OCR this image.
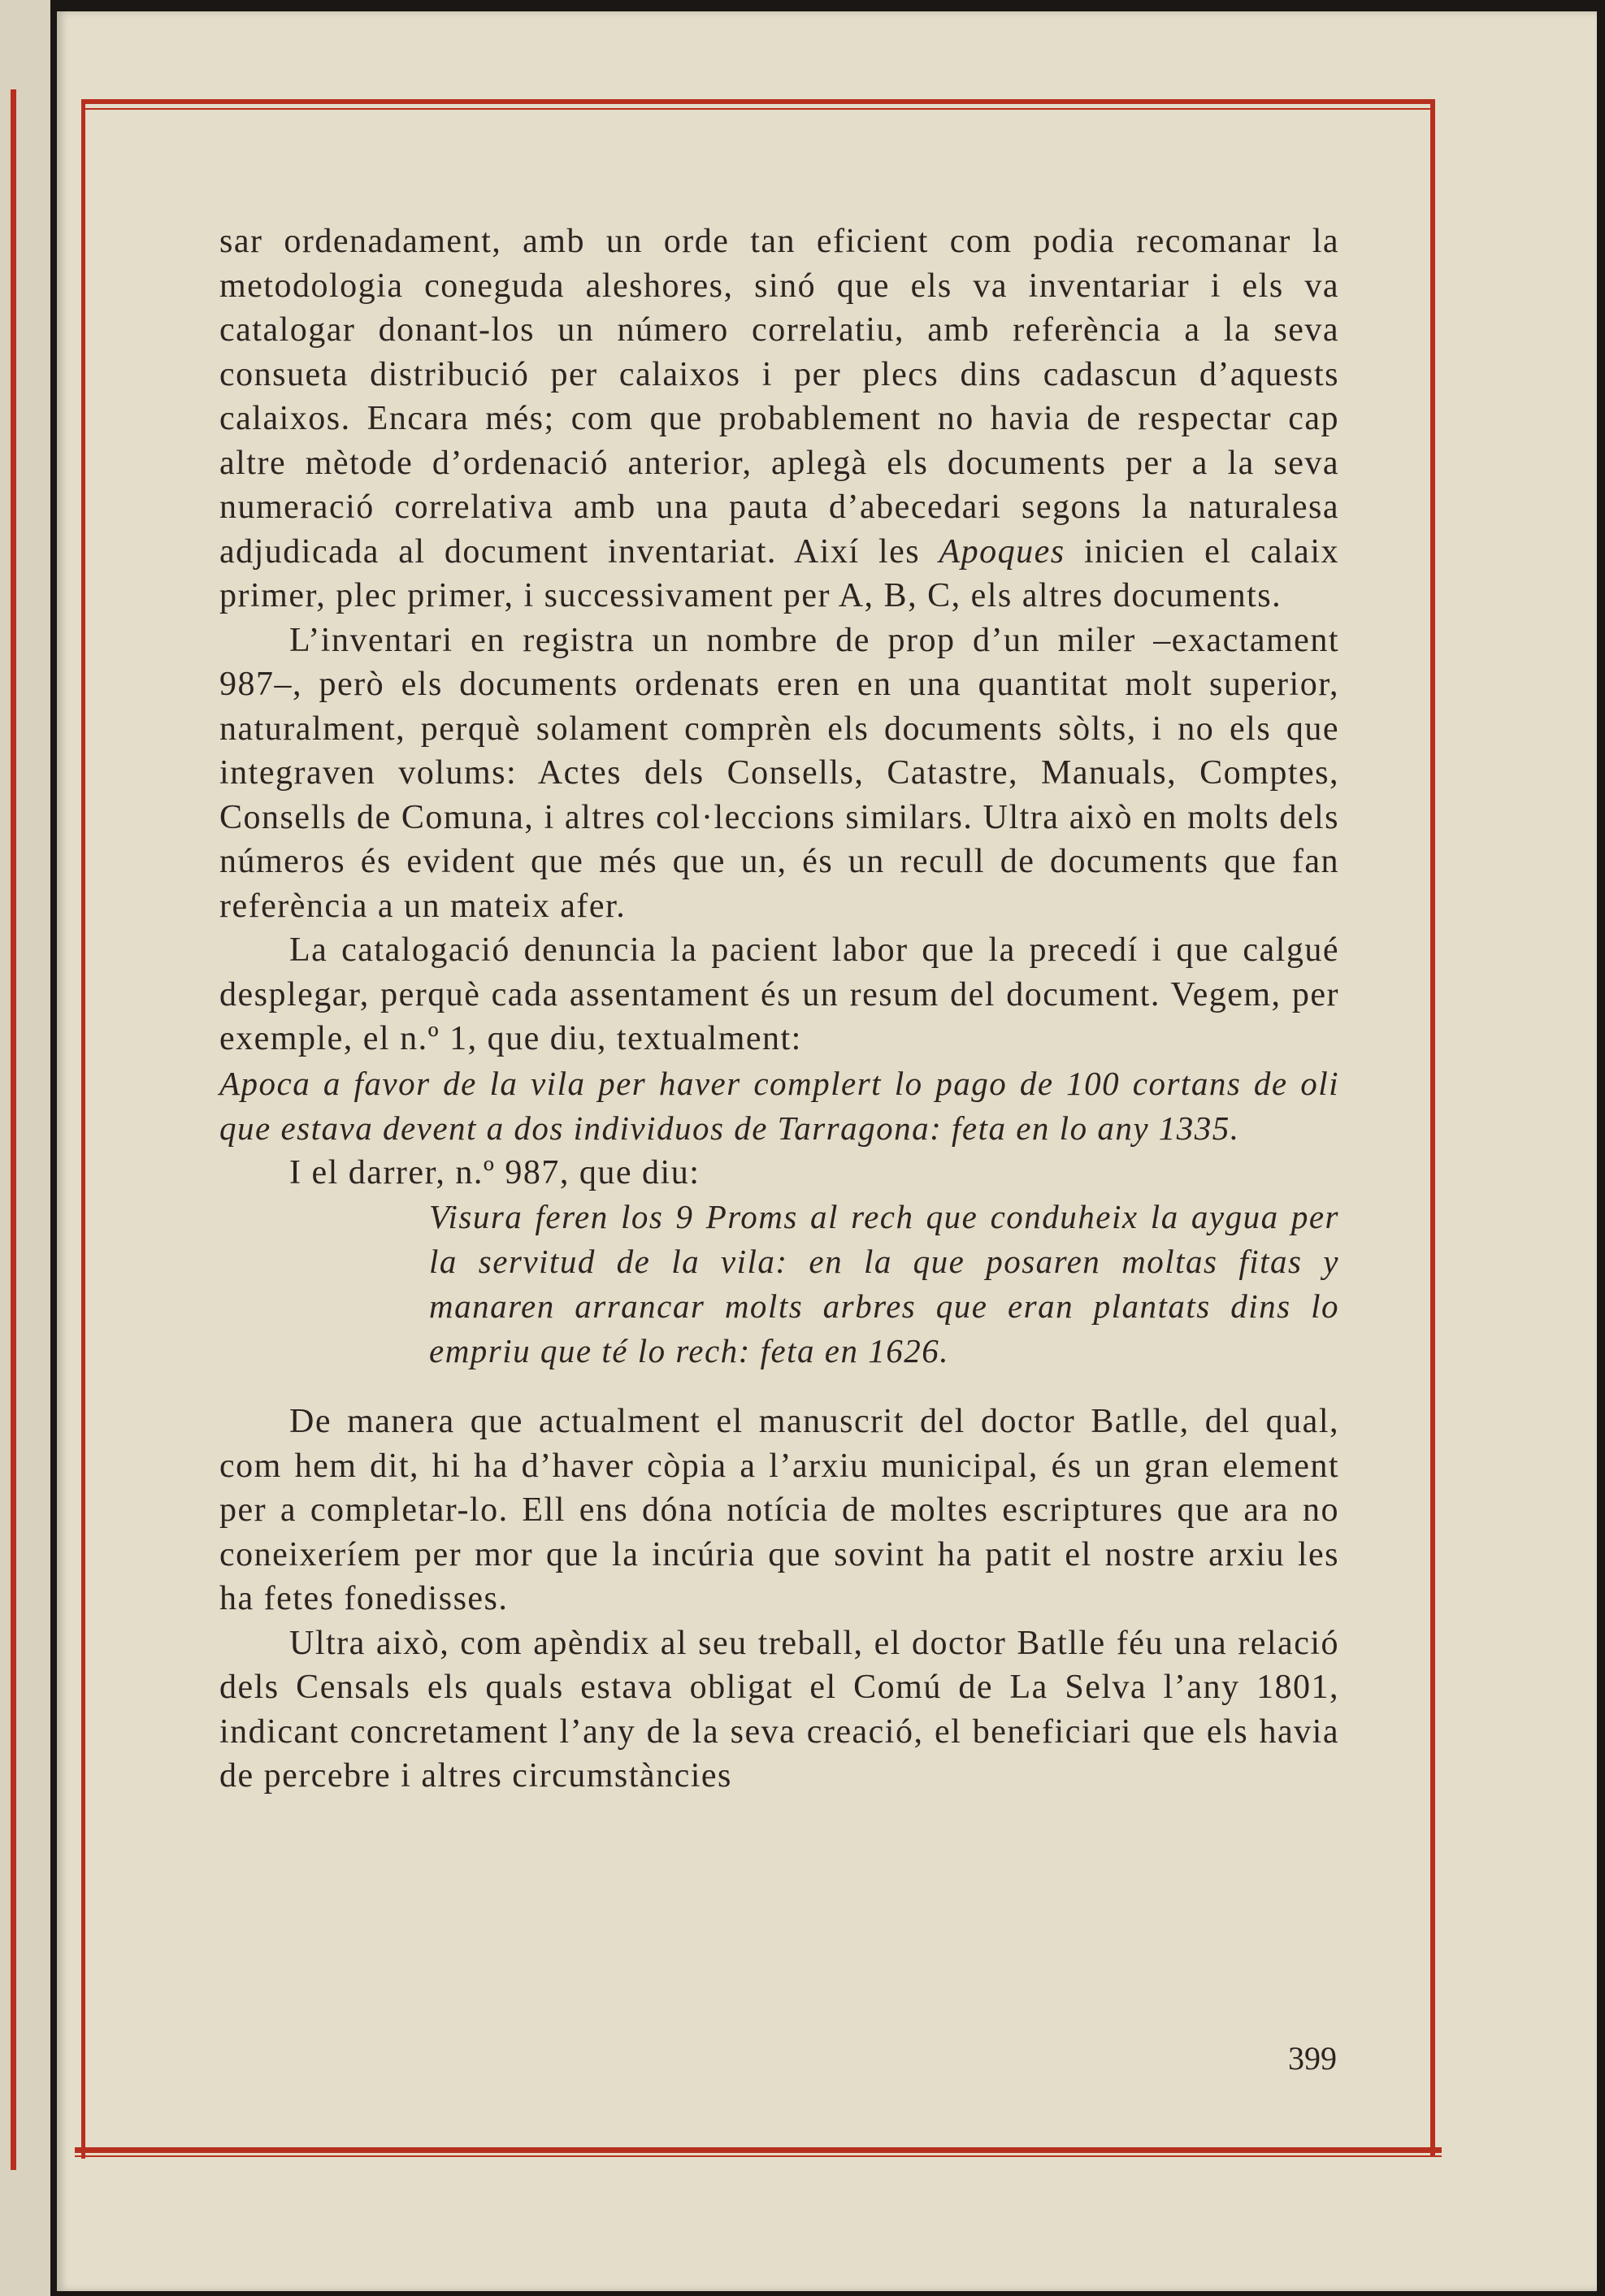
sar ordenadament, amb un orde tan eficient com podia recomanar la metodologia coneguda aleshores, sinó que els va inventariar i els va catalogar donant-los un número correlatiu, amb referència a la seva consueta distribució per calaixos i per plecs dins cadascun d’aquests calaixos. Encara més; com que probablement no havia de respectar cap altre mètode d’ordenació anterior, aplegà els documents per a la seva numeració correlativa amb una pauta d’abecedari segons la naturalesa adjudicada al document inventariat. Així les Apoques inicien el calaix primer, plec primer, i successivament per A, B, C, els altres documents.

L’inventari en registra un nombre de prop d’un miler –exactament 987–, però els documents ordenats eren en una quantitat molt superior, naturalment, perquè solament comprèn els documents sòlts, i no els que integraven volums: Actes dels Consells, Catastre, Manuals, Comptes, Consells de Comuna, i altres col·leccions similars. Ultra això en molts dels números és evident que més que un, és un recull de documents que fan referència a un mateix afer.

La catalogació denuncia la pacient labor que la precedí i que calgué desplegar, perquè cada assentament és un resum del document. Vegem, per exemple, el n.º 1, que diu, textualment:

Apoca a favor de la vila per haver complert lo pago de 100 cortans de oli que estava devent a dos individuos de Tarragona: feta en lo any 1335.

I el darrer, n.º 987, que diu:

Visura feren los 9 Proms al rech que conduheix la aygua per la servitud de la vila: en la que posaren moltas fitas y manaren arrancar molts arbres que eran plantats dins lo empriu que té lo rech: feta en 1626.

De manera que actualment el manuscrit del doctor Batlle, del qual, com hem dit, hi ha d’haver còpia a l’arxiu municipal, és un gran element per a completar-lo. Ell ens dóna notícia de moltes escriptures que ara no coneixeríem per mor que la incúria que sovint ha patit el nostre arxiu les ha fetes fonedisses.

Ultra això, com apèndix al seu treball, el doctor Batlle féu una relació dels Censals els quals estava obligat el Comú de La Selva l’any 1801, indicant concretament l’any de la seva creació, el beneficiari que els havia de percebre i altres circumstàncies

399
